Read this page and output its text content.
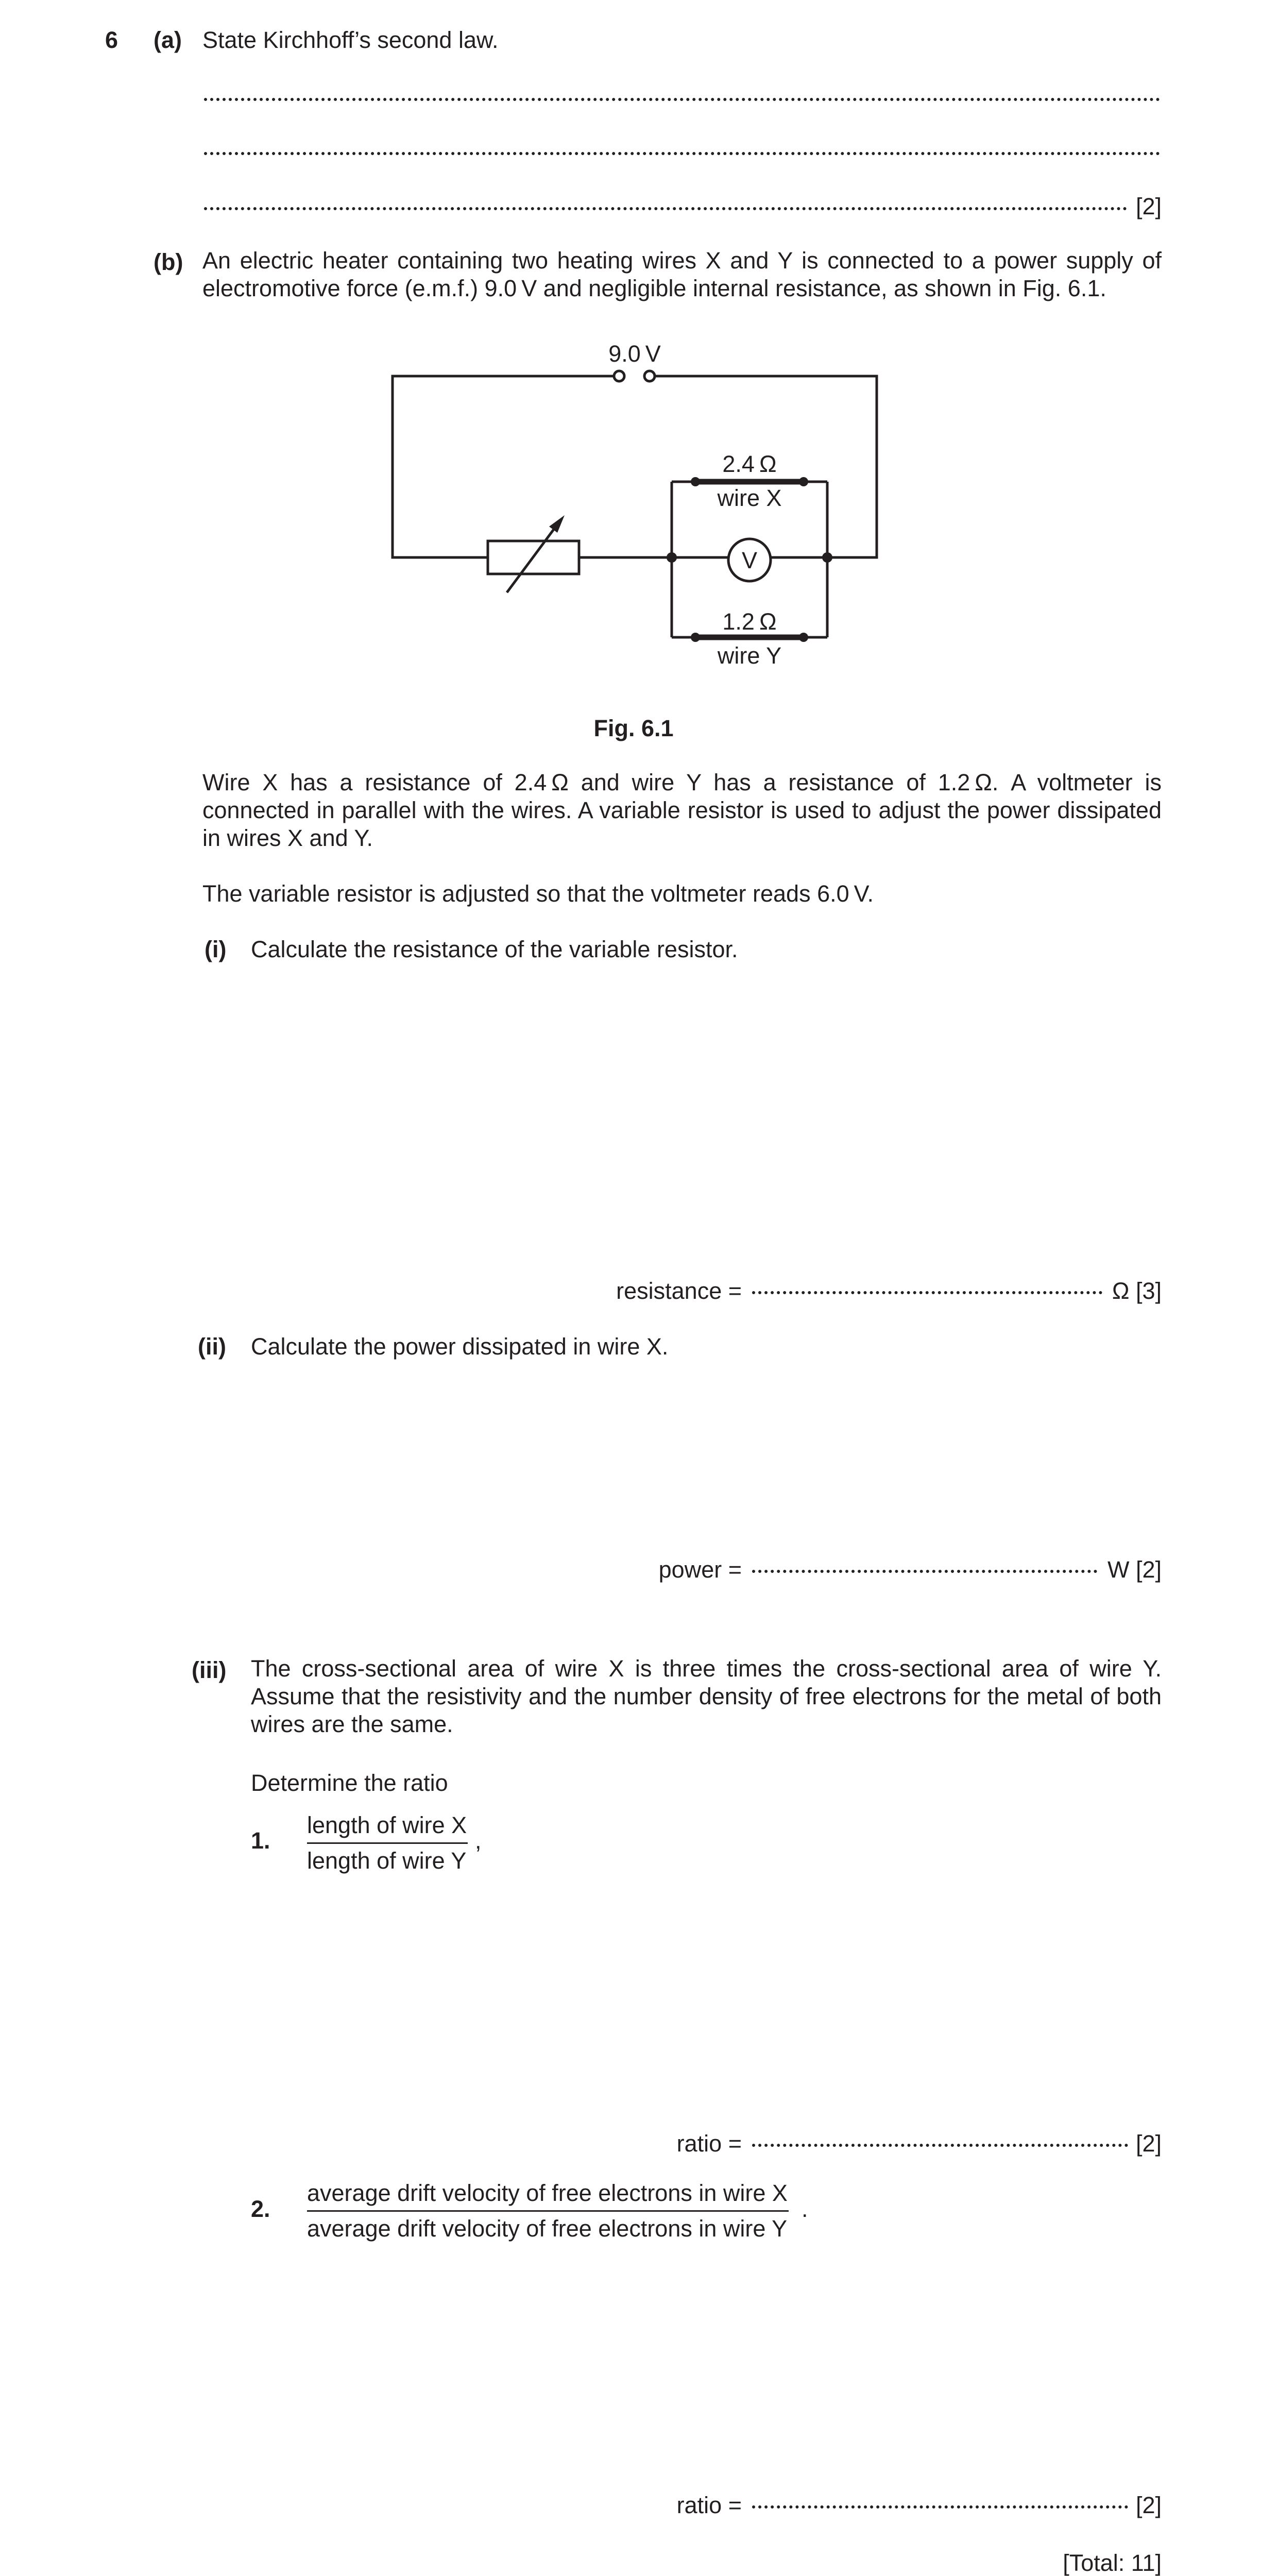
6 (a) State Kirchhoff’s second law.
[2]
(b) An electric heater containing two heating wires X and Y is connected to a power supply of electromotive force (e.m.f.) 9.0 V and negligible internal resistance, as shown in Fig. 6.1.
9.0 V
2.4 Ω
wire X
V
1.2 Ω
wire Y
Fig. 6.1
Wire X has a resistance of 2.4 Ω and wire Y has a resistance of 1.2 Ω. A voltmeter is connected in parallel with the wires. A variable resistor is used to adjust the power dissipated in wires X and Y.
The variable resistor is adjusted so that the voltmeter reads 6.0 V.
(i) Calculate the resistance of the variable resistor.
resistance =	Ω [3]
(ii) Calculate the power dissipated in wire X.
power =	W [2]
(iii) The cross-sectional area of wire X is three times the cross-sectional area of wire Y. Assume that the resistivity and the number density of free electrons for the metal of both wires are the same.
Determine the ratio
1.
length of wire X
length of wire Y
,
ratio =	[2]
2.
average drift velocity of free electrons in wire X
average drift velocity of free electrons in wire Y
.
ratio =	[2]
[Total: 11]
